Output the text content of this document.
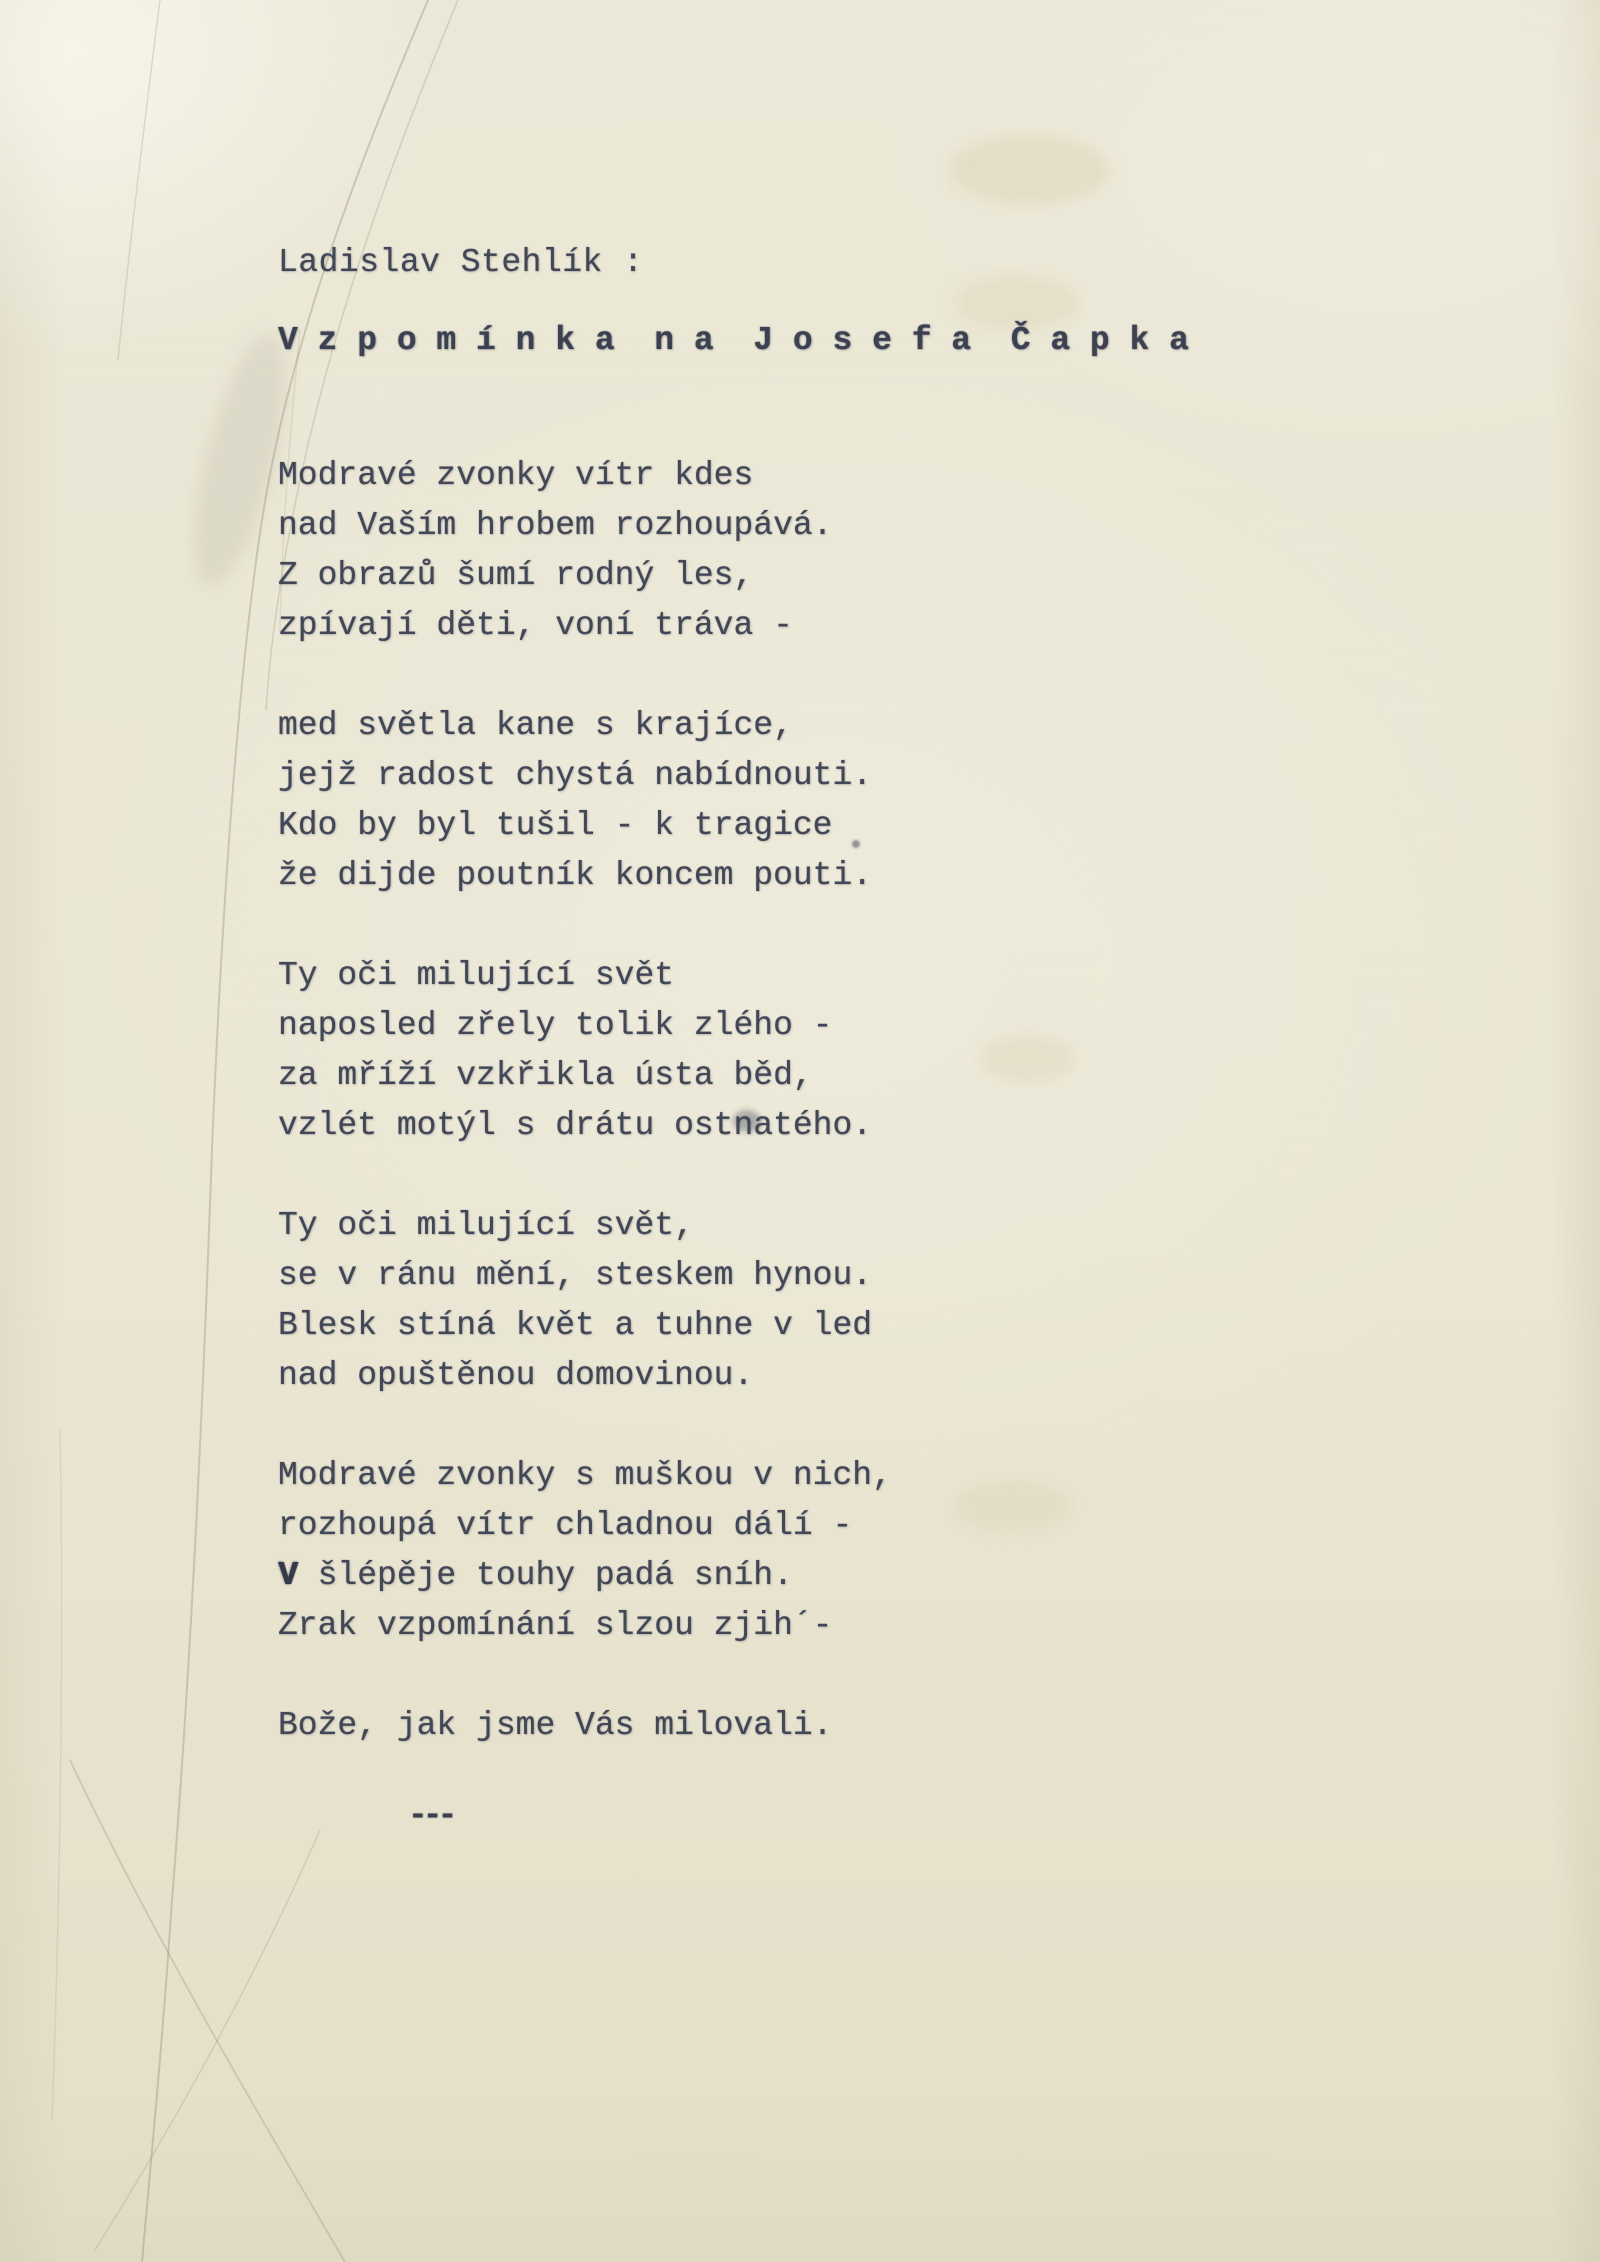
Ladislav Stehlík :
V z p o m í n k a  n a  J o s e f a  Č a p k a
Modravé zvonky vítr kdes
nad Vaším hrobem rozhoupává.
Z obrazů šumí rodný les,
zpívají děti, voní tráva -
med světla kane s krajíce,
jejž radost chystá nabídnouti.
Kdo by byl tušil - k tragice
že dijde poutník koncem pouti.
Ty oči milující svět
naposled zřely tolik zlého -
za mříží vzkřikla ústa běd,
vzlét motýl s drátu ostnatého.
Ty oči milující svět,
se v ránu mění, steskem hynou.
Blesk stíná květ a tuhne v led
nad opuštěnou domovinou.
Modravé zvonky s muškou v nich,
rozhoupá vítr chladnou dálí -
V šlépěje touhy padá sníh.
Zrak vzpomínání slzou zjih´-
Bože, jak jsme Vás milovali.
---
